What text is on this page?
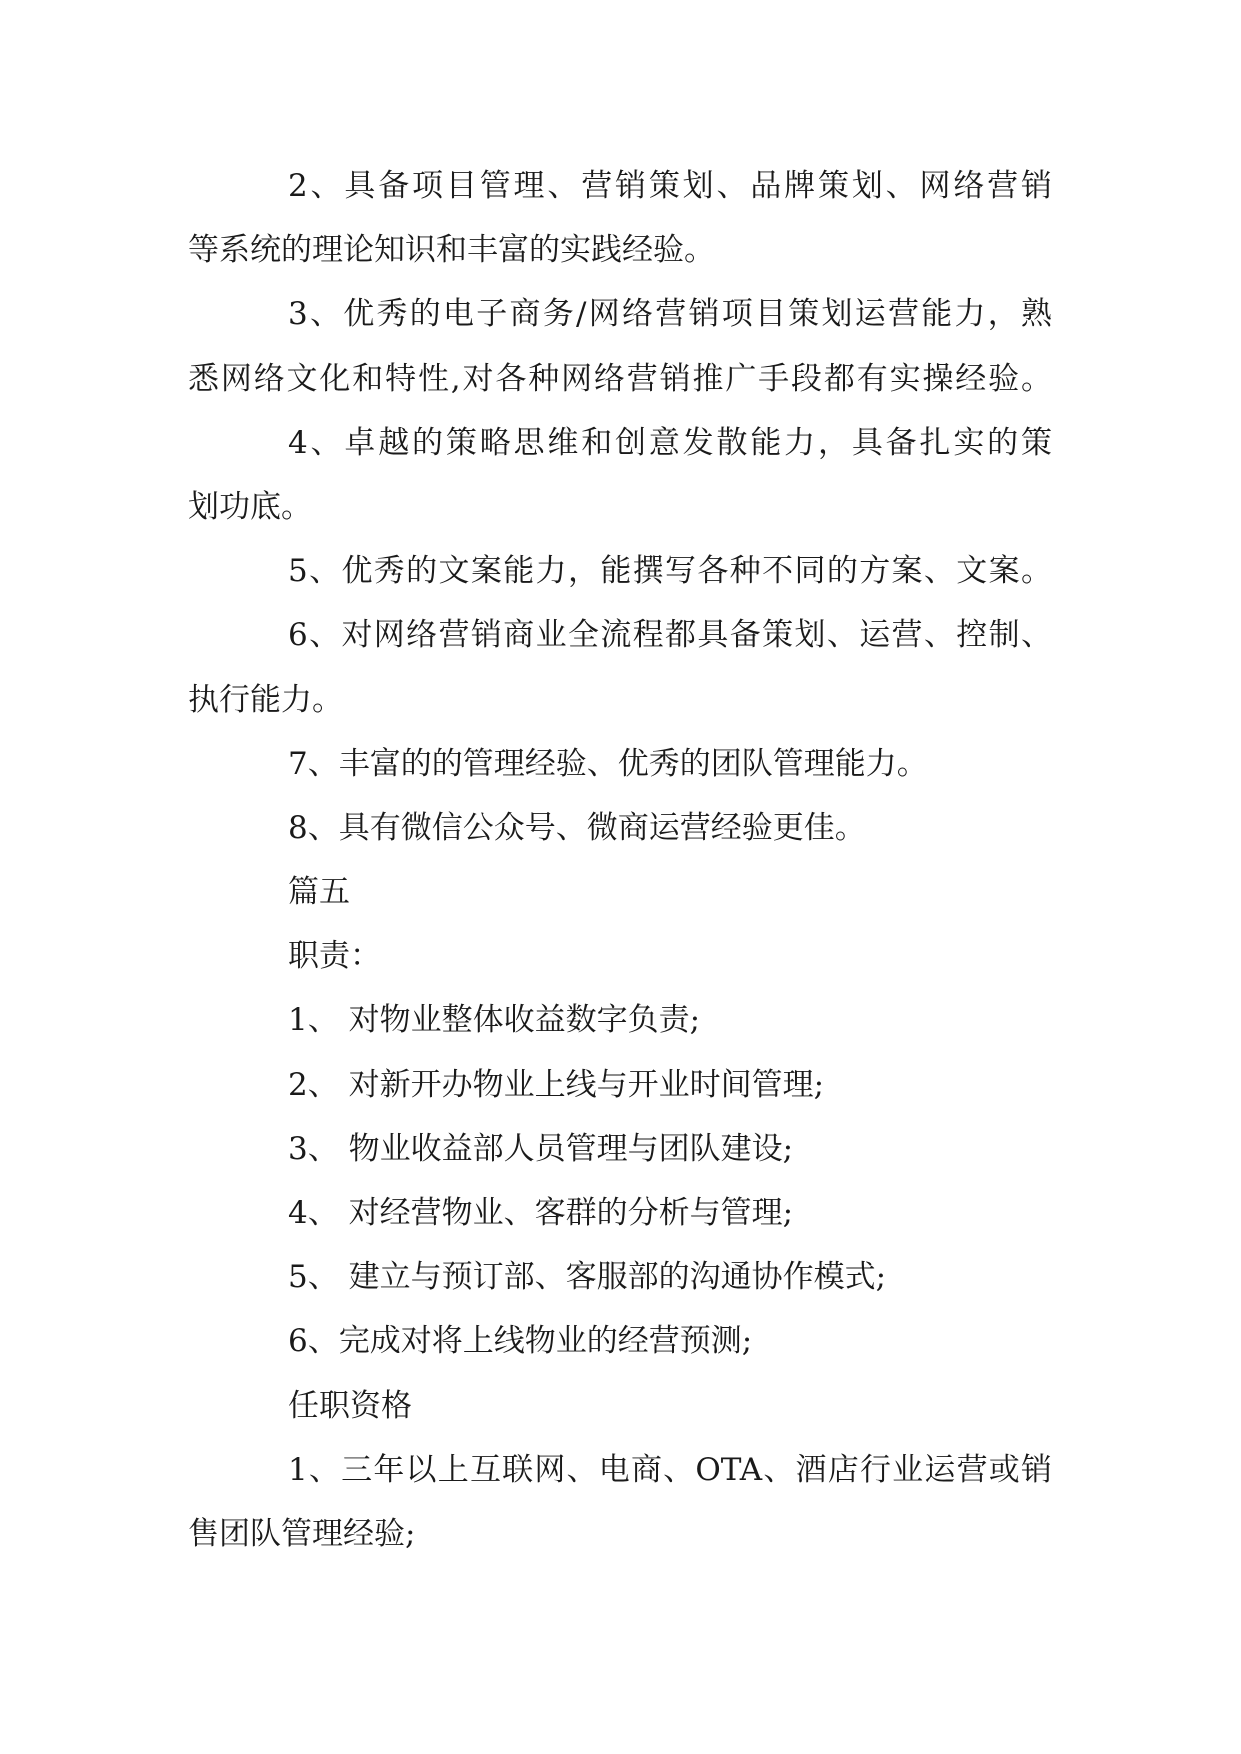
2、具备项目管理、营销策划、品牌策划、网络营销
等系统的理论知识和丰富的实践经验。
3、优秀的电子商务/网络营销项目策划运营能力，熟
悉网络文化和特性,对各种网络营销推广手段都有实操经验。
4、卓越的策略思维和创意发散能力，具备扎实的策
划功底。
5、优秀的文案能力，能撰写各种不同的方案、文案。
6、对网络营销商业全流程都具备策划、运营、控制、
执行能力。
7、丰富的的管理经验、优秀的团队管理能力。
8、具有微信公众号、微商运营经验更佳。
篇五
职责：
1、 对物业整体收益数字负责;
2、 对新开办物业上线与开业时间管理;
3、 物业收益部人员管理与团队建设;
4、 对经营物业、客群的分析与管理;
5、 建立与预订部、客服部的沟通协作模式;
6、完成对将上线物业的经营预测;
任职资格
1、三年以上互联网、电商、OTA、酒店行业运营或销
售团队管理经验;
